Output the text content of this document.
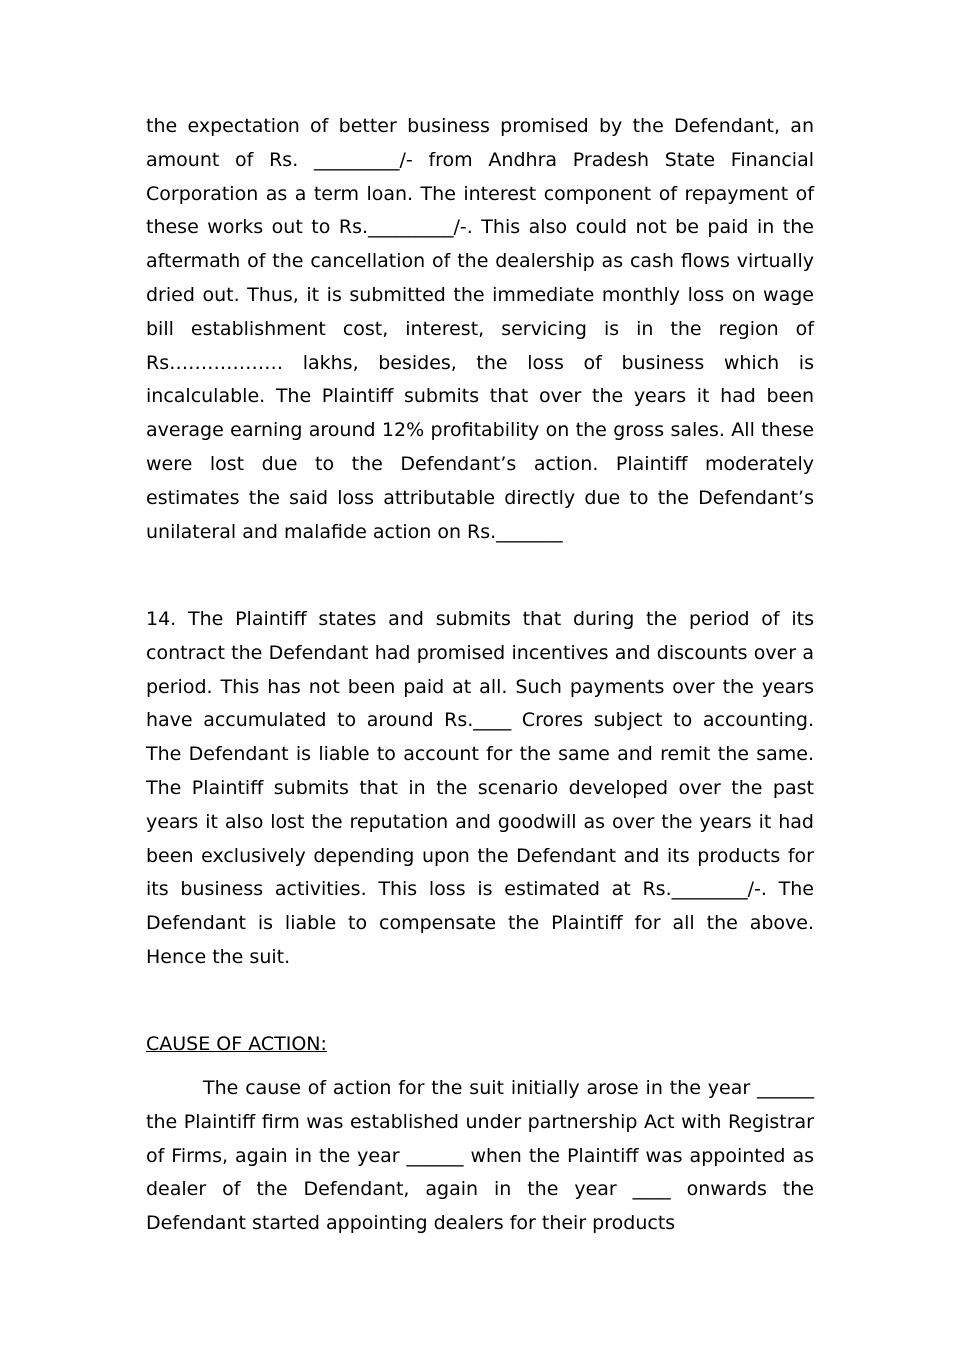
the expectation of better business promised by the Defendant, an amount of Rs. _________/- from Andhra Pradesh State Financial Corporation as a term loan. The interest component of repayment of these works out to Rs._________/-. This also could not be paid in the aftermath of the cancellation of the dealership as cash flows virtually dried out. Thus, it is submitted the immediate monthly loss on wage bill establishment cost, interest, servicing is in the region of Rs……………… lakhs, besides, the loss of business which is incalculable. The Plaintiff submits that over the years it had been average earning around 12% profitability on the gross sales. All these were lost due to the Defendant’s action. Plaintiff moderately estimates the said loss attributable directly due to the Defendant’s unilateral and malafide action on Rs._______

14. The Plaintiff states and submits that during the period of its contract the Defendant had promised incentives and discounts over a period. This has not been paid at all. Such payments over the years have accumulated to around Rs.____ Crores subject to accounting. The Defendant is liable to account for the same and remit the same. The Plaintiff submits that in the scenario developed over the past years it also lost the reputation and goodwill as over the years it had been exclusively depending upon the Defendant and its products for its business activities. This loss is estimated at Rs.________/-. The Defendant is liable to compensate the Plaintiff for all the above. Hence the suit.

CAUSE OF ACTION:

The cause of action for the suit initially arose in the year ______ the Plaintiff firm was established under partnership Act with Registrar of Firms, again in the year ______ when the Plaintiff was appointed as dealer of the Defendant, again in the year ____ onwards the Defendant started appointing dealers for their products
